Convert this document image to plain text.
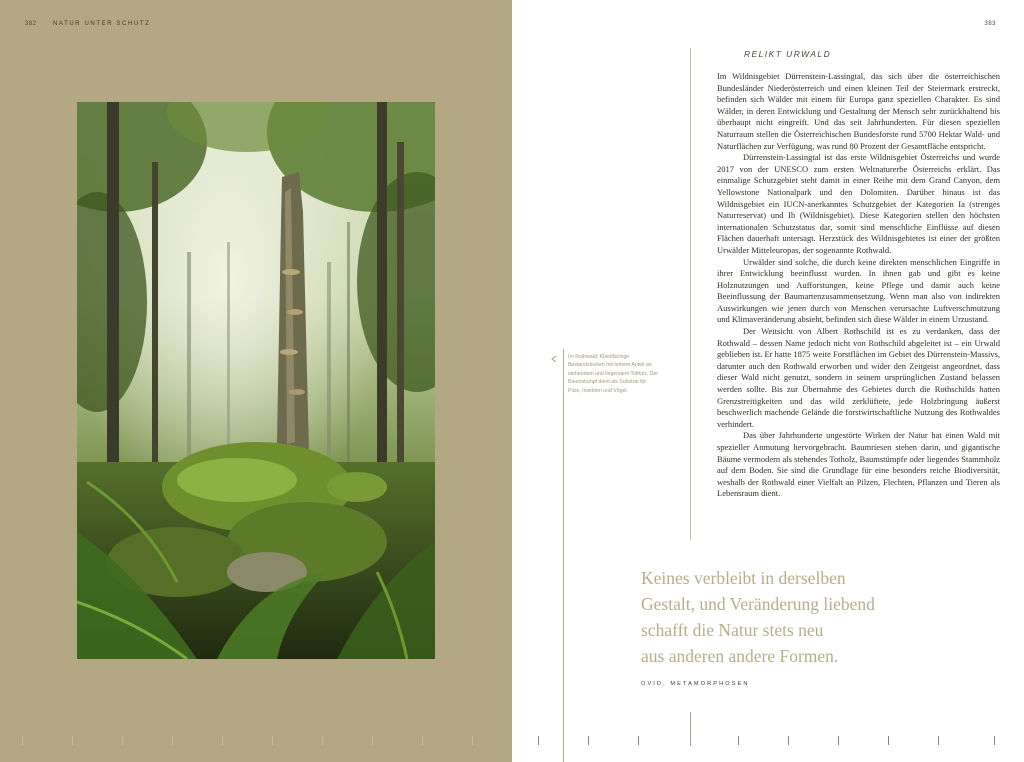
382	NATUR UNTER SCHUTZ	383
Im Rothwald: Kleinflächige Bestandslücken mit hohem Anteil an stehendem und liegendem Totholz. Der Baumstumpf dient als Substrat für Pilze, Insekten und Vögel.
RELIKT URWALD

Im Wildnisgebiet Dürrenstein-Lassingtal, das sich über die österreichischen Bundesländer Niederösterreich und einen kleinen Teil der Steiermark erstreckt, befinden sich Wälder mit einem für Europa ganz speziellen Charakter. Es sind Wälder, in deren Entwicklung und Gestaltung der Mensch sehr zurückhaltend bis überhaupt nicht eingreift. Und das seit Jahrhunderten. Für diesen speziellen Naturraum stellen die Österreichischen Bundesforste rund 5700 Hektar Wald- und Naturflächen zur Verfügung, was rund 80 Prozent der Gesamtfläche entspricht.

Dürrenstein-Lassingtal ist das erste Wildnisgebiet Österreichs und wurde 2017 von der UNESCO zum ersten Weltnaturerbe Österreichs erklärt. Das einmalige Schutzgebiet steht damit in einer Reihe mit dem Grand Canyon, dem Yellowstone Nationalpark und den Dolomiten. Darüber hinaus ist das Wildnisgebiet ein IUCN-anerkanntes Schutzgebiet der Kategorien Ia (strenges Naturreservat) und Ib (Wildnisgebiet). Diese Kategorien stellen den höchsten internationalen Schutzstatus dar, somit sind menschliche Einflüsse auf diesen Flächen dauerhaft untersagt. Herzstück des Wildnisgebietes ist einer der größten Urwälder Mitteleuropas, der sogenannte Rothwald.

Urwälder sind solche, die durch keine direkten menschlichen Eingriffe in ihrer Entwicklung beeinflusst wurden. In ihnen gab und gibt es keine Holznutzungen und Aufforstungen, keine Pflege und damit auch keine Beeinflussung der Baumartenzusammensetzung. Wenn man also von indirekten Auswirkungen wie jenen durch von Menschen verursachte Luftverschmutzung und Klimaveränderung absieht, befinden sich diese Wälder in einem Urzustand.

Der Weitsicht von Albert Rothschild ist es zu verdanken, dass der Rothwald – dessen Name jedoch nicht von Rothschild abgeleitet ist – ein Urwald geblieben ist. Er hatte 1875 weite Forstflächen im Gebiet des Dürrenstein-Massivs, darunter auch den Rothwald erworben und wider den Zeitgeist angeordnet, dass dieser Wald nicht genutzt, sondern in seinem ursprünglichen Zustand belassen werden sollte. Bis zur Übernahme des Gebietes durch die Rothschilds hatten Grenzstreitigkeiten und das wild zerklüftete, jede Holzbringung äußerst beschwerlich machende Gelände die forstwirtschaftliche Nutzung des Rothwaldes verhindert.

Das über Jahrhunderte ungestörte Wirken der Natur hat einen Wald mit spezieller Anmutung hervorgebracht. Baumriesen stehen darin, und gigantische Bäume vermodern als stehendes Totholz, Baumstümpfe oder liegendes Stammholz auf dem Boden. Sie sind die Grundlage für eine besonders reiche Biodiversität, weshalb der Rothwald einer Vielfalt an Pilzen, Flechten, Pflanzen und Tieren als Lebensraum dient.

Keines verbleibt in derselben
Gestalt, und Veränderung liebend
schafft die Natur stets neu
aus anderen andere Formen.
OVID, METAMORPHOSEN
